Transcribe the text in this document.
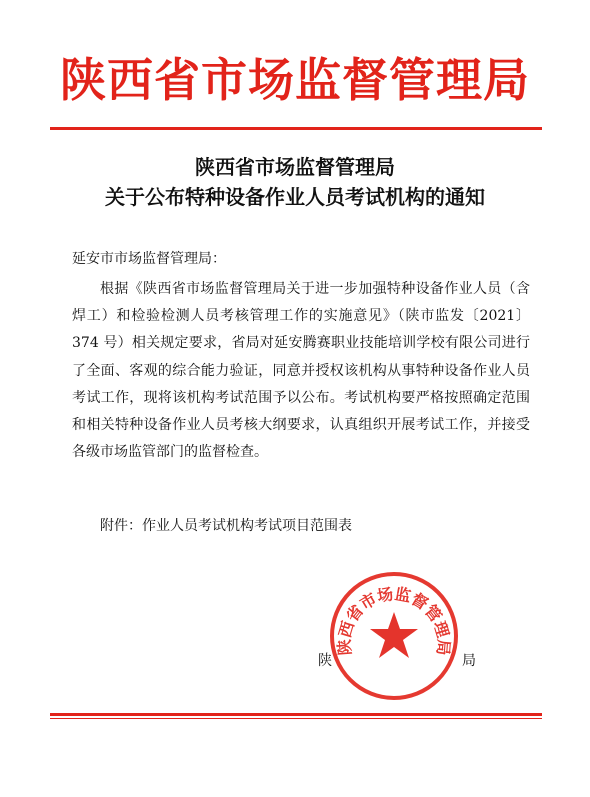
陕西省市场监督管理局
陕西省市场监督管理局
关于公布特种设备作业人员考试机构的通知
延安市市场监督管理局：
根据《陕西省市场监督管理局关于进一步加强特种设备作业人员（含焊工）和检验检测人员考核管理工作的实施意见》（陕市监发〔2021〕374 号）相关规定要求，省局对延安腾赛职业技能培训学校有限公司进行了全面、客观的综合能力验证，同意并授权该机构从事特种设备作业人员考试工作，现将该机构考试范围予以公布。考试机构要严格按照确定范围和相关特种设备作业人员考核大纲要求，认真组织开展考试工作，并接受各级市场监管部门的监督检查。
附件：作业人员考试机构考试项目范围表
陕	局
陕西省市场监督管理局
